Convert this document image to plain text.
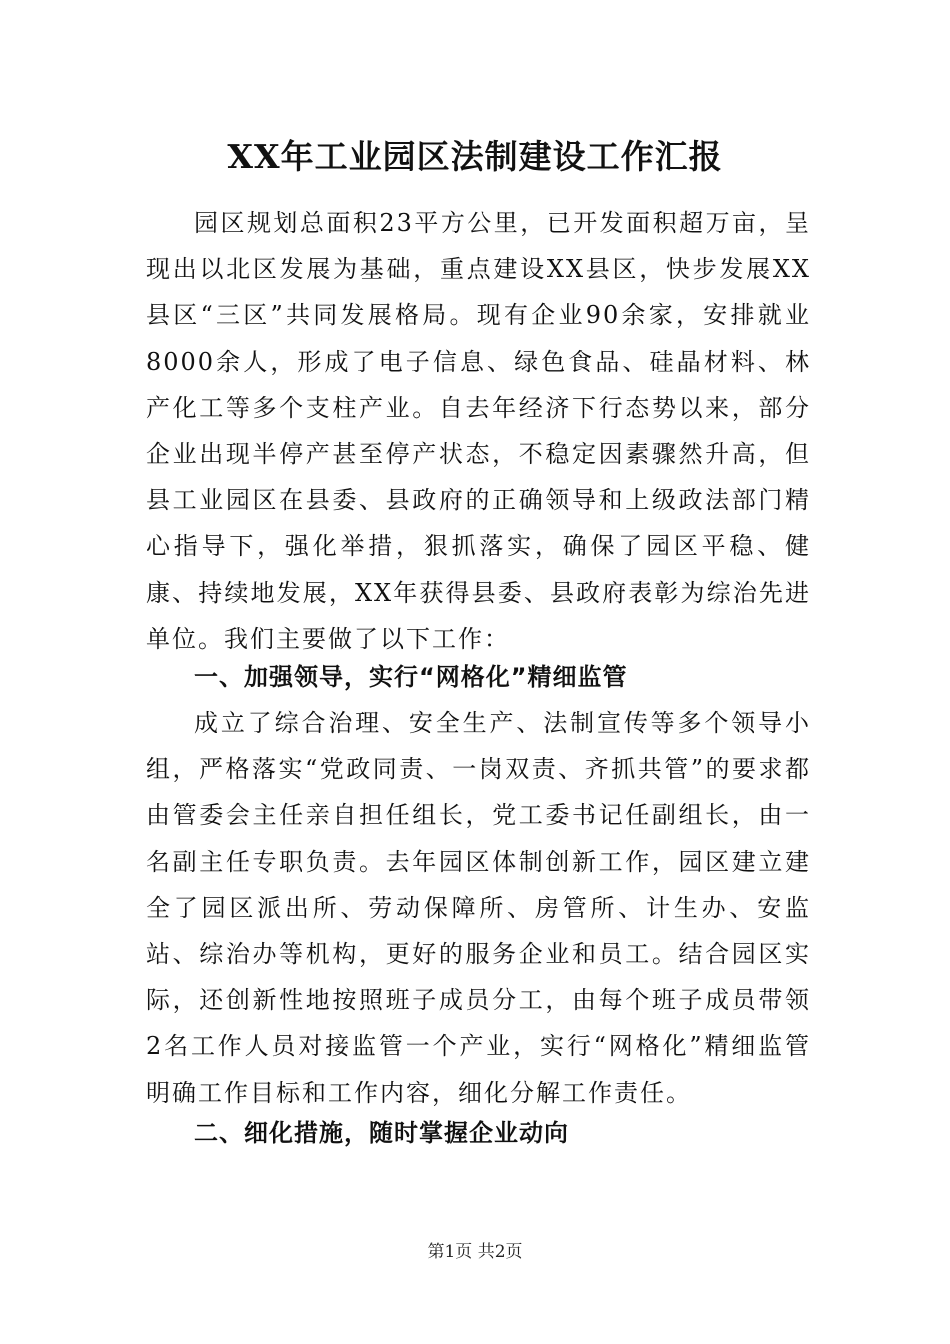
XX年工业园区法制建设工作汇报
园区规划总面积23平方公里，已开发面积超万亩，呈现出以北区发展为基础，重点建设XX县区，快步发展XX县区“三区”共同发展格局。现有企业90余家，安排就业8000余人，形成了电子信息、绿色食品、硅晶材料、林产化工等多个支柱产业。自去年经济下行态势以来，部分企业出现半停产甚至停产状态，不稳定因素骤然升高，但县工业园区在县委、县政府的正确领导和上级政法部门精心指导下，强化举措，狠抓落实，确保了园区平稳、健康、持续地发展，XX年获得县委、县政府表彰为综治先进单位。我们主要做了以下工作：
一、加强领导，实行“网格化”精细监管
成立了综合治理、安全生产、法制宣传等多个领导小组，严格落实“党政同责、一岗双责、齐抓共管”的要求都由管委会主任亲自担任组长，党工委书记任副组长，由一名副主任专职负责。去年园区体制创新工作，园区建立建全了园区派出所、劳动保障所、房管所、计生办、安监站、综治办等机构，更好的服务企业和员工。结合园区实际，还创新性地按照班子成员分工，由每个班子成员带领2名工作人员对接监管一个产业，实行“网格化”精细监管明确工作目标和工作内容，细化分解工作责任。
二、细化措施，随时掌握企业动向
第1页 共2页
